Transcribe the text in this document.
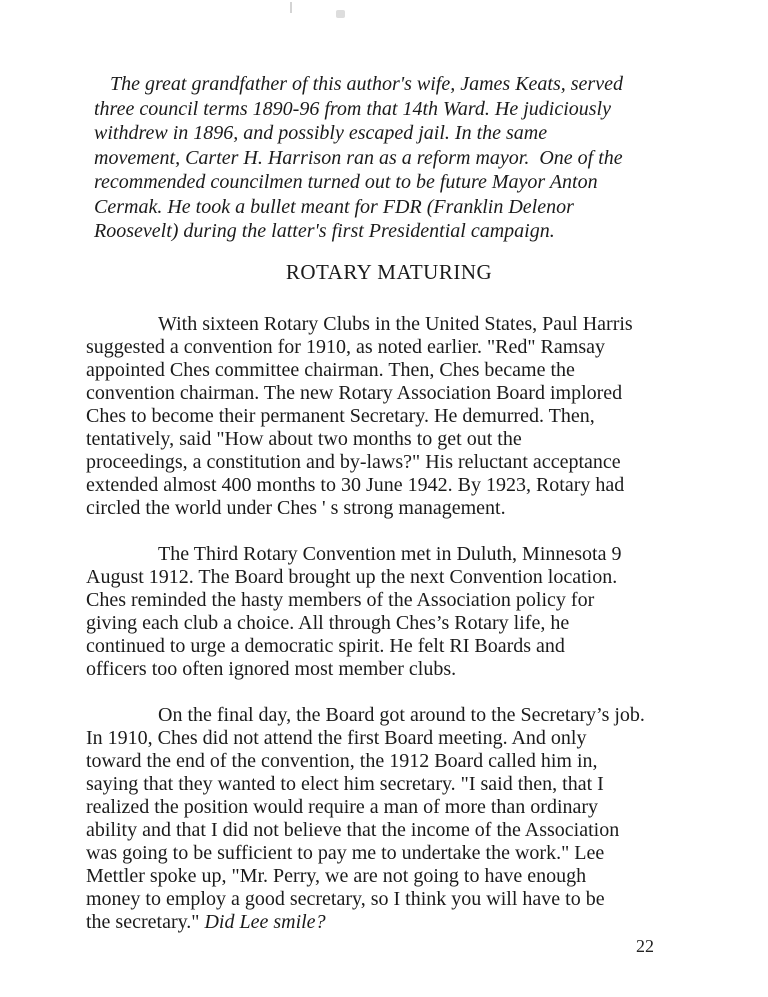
The great grandfather of this author's wife, James Keats, served
three council terms 1890-96 from that 14th Ward. He judiciously
withdrew in 1896, and possibly escaped jail. In the same
movement, Carter H. Harrison ran as a reform mayor.  One of the
recommended councilmen turned out to be future Mayor Anton
Cermak. He took a bullet meant for FDR (Franklin Delenor
Roosevelt) during the latter's first Presidential campaign.
ROTARY MATURING
With sixteen Rotary Clubs in the United States, Paul Harris
suggested a convention for 1910, as noted earlier. "Red" Ramsay
appointed Ches committee chairman. Then, Ches became the
convention chairman. The new Rotary Association Board implored
Ches to become their permanent Secretary. He demurred. Then,
tentatively, said "How about two months to get out the
proceedings, a constitution and by-laws?" His reluctant acceptance
extended almost 400 months to 30 June 1942. By 1923, Rotary had
circled the world under Ches ' s strong management.
The Third Rotary Convention met in Duluth, Minnesota 9
August 1912. The Board brought up the next Convention location.
Ches reminded the hasty members of the Association policy for
giving each club a choice. All through Ches’s Rotary life, he
continued to urge a democratic spirit. He felt RI Boards and
officers too often ignored most member clubs.
On the final day, the Board got around to the Secretary’s job.
In 1910, Ches did not attend the first Board meeting. And only
toward the end of the convention, the 1912 Board called him in,
saying that they wanted to elect him secretary. "I said then, that I
realized the position would require a man of more than ordinary
ability and that I did not believe that the income of the Association
was going to be sufficient to pay me to undertake the work." Lee
Mettler spoke up, "Mr. Perry, we are not going to have enough
money to employ a good secretary, so I think you will have to be
the secretary." Did Lee smile?
22
